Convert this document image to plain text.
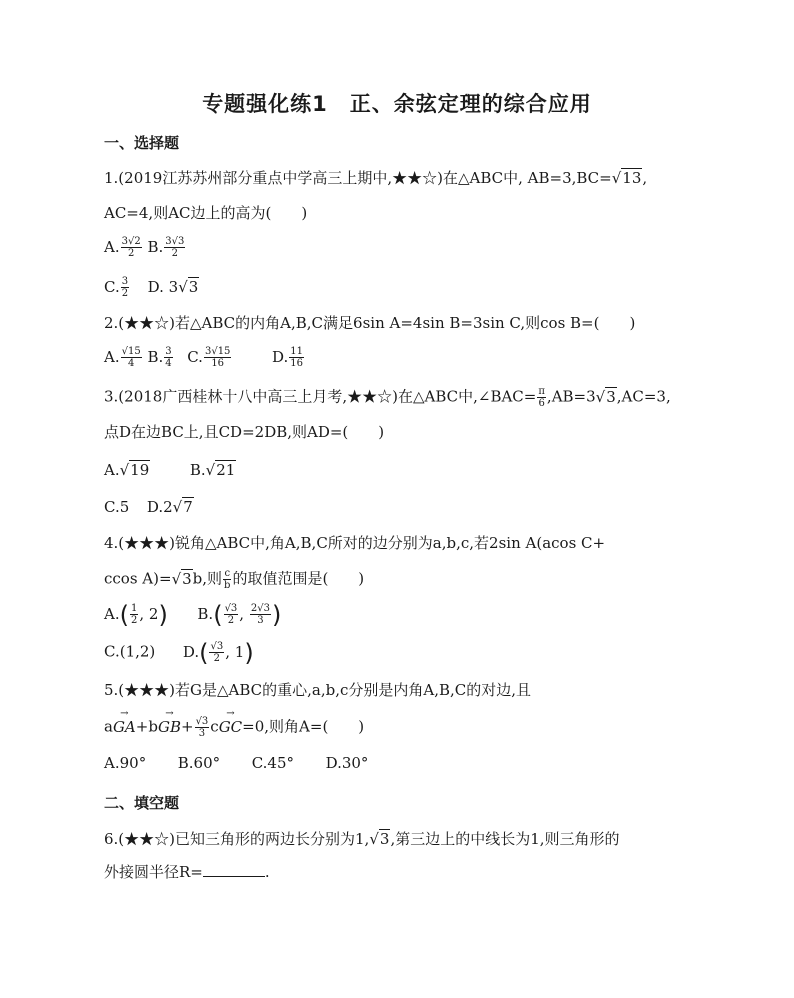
专题强化练1　正、余弦定理的综合应用
一、选择题
1.(2019江苏苏州部分重点中学高三上期中,★★☆)在△ABC中, AB=3,BC=√13,
AC=4,则AC边上的高为(　　)
A. $\frac{3√2}{2} B$. $\frac{3√3}{2}$
C. $\frac{3}{2} D$. 3√3
2.(★★☆)若△ABC的内角A,B,C满足6sin A=4sin B=3sin C,则cos B=(　　)
A. $\frac{√15}{4} B$. $\frac{3}{4} C$. $\frac{3√15}{16}$	D. $\frac{11}{16}$
3.(2018广西桂林十八中高三上月考,★★☆)在△ABC中,∠BAC= $\frac{\pi}{6} ,AB=3√3,AC=3$,
点D在边BC上,且CD=2DB,则AD=(　　)
A.√19	B.√21
C.5 D.2√7
4.(★★★)锐角△ABC中,角A,B,C所对的边分别为a,b,c,若2sin A(acos C+
ccos A)=√3b,则 $\frac{c}{b}$ 的取值范围是(　　)
$A.( \frac{1}{2}$ , 2) $B.( \frac{√3}{2}$ , $\frac{2√3}{3}$ )
C.(1,2) $D.( \frac{√3}{2}$ , 1)
5.(★★★)若G是△ABC的重心,a,b,c分别是内角A,B,C的对边,且
a
→
GA+b
→
$GB+ \frac{√3}{3}$ c
→
GC=0,则角A=(　　)
A.90° B.60° C.45° D.30°
二、填空题
6.(★★☆)已知三角形的两边长分别为1,√3,第三边上的中线长为1,则三角形的
外接圆半径R=	.
